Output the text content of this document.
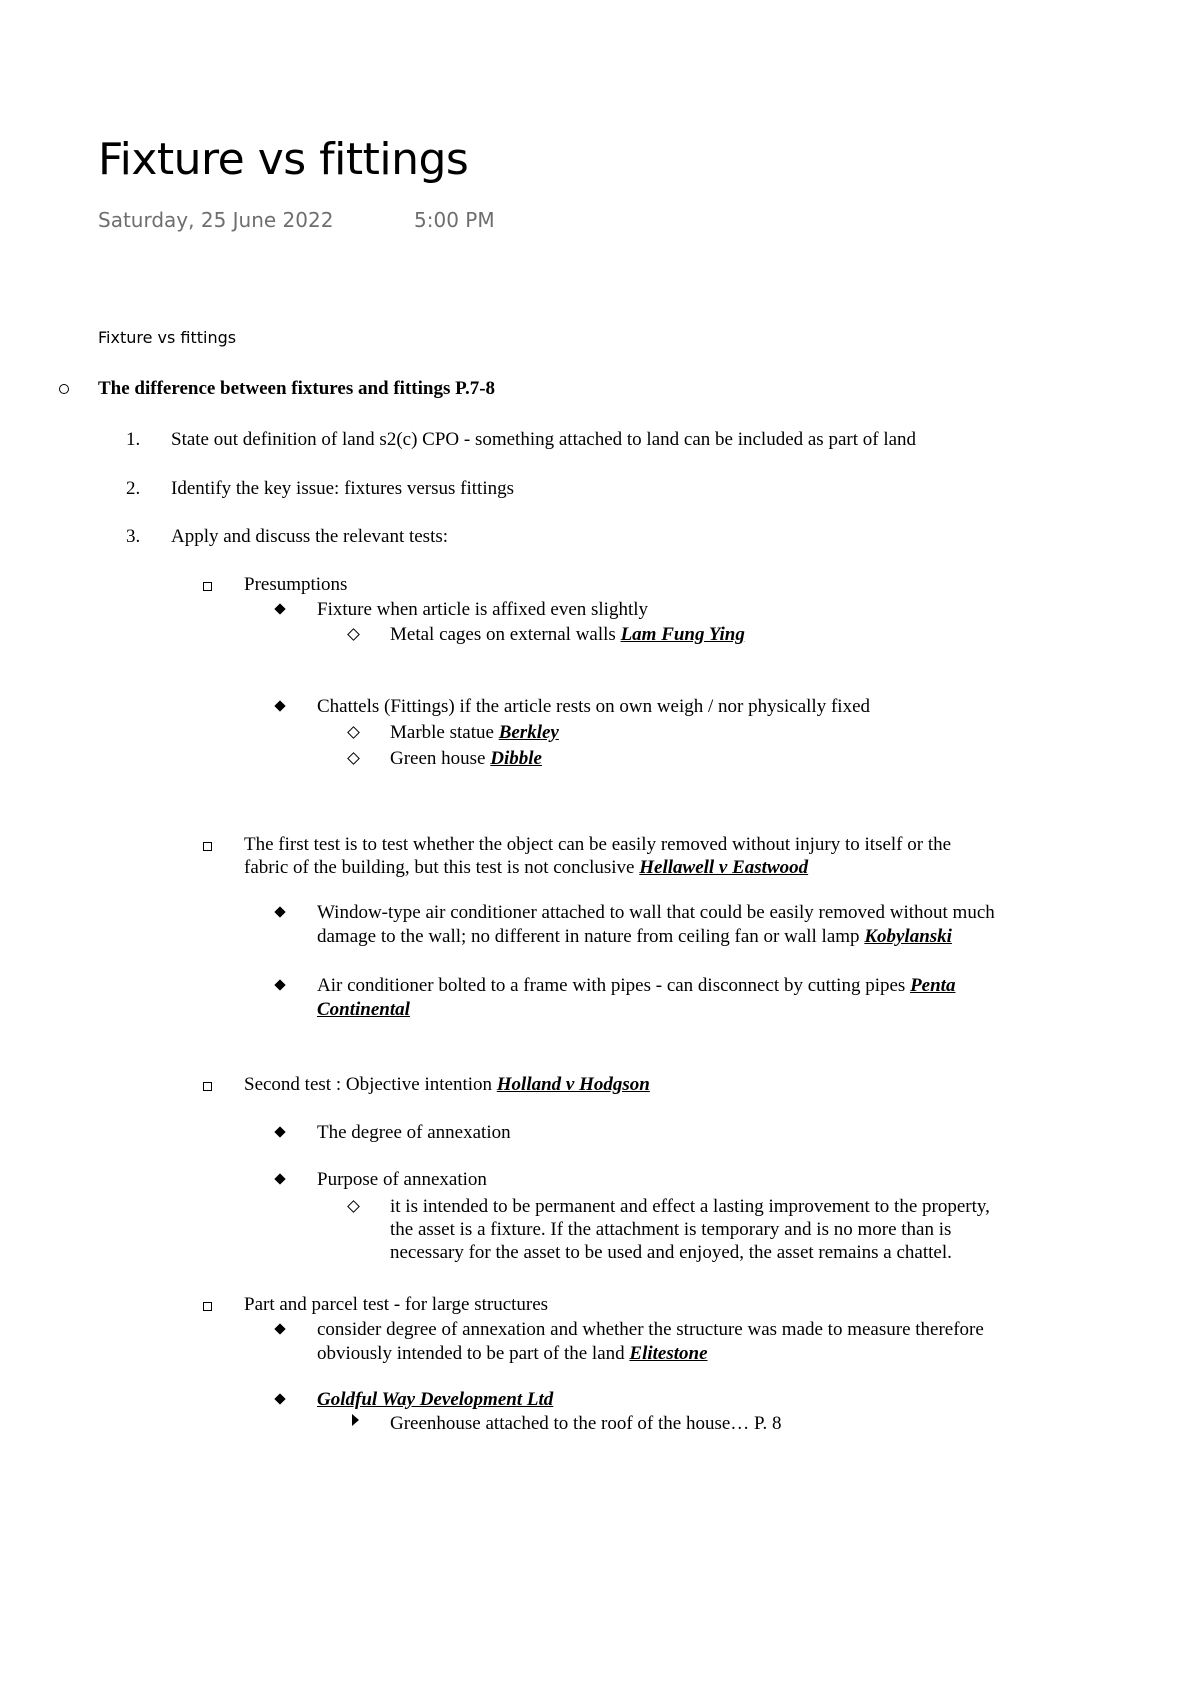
Fixture vs fittings
Saturday, 25 June 2022	5:00 PM
Fixture vs fittings
The difference between fixtures and fittings P.7-8
1. State out definition of land s2(c) CPO - something attached to land can be included as part of land
2. Identify the key issue: fixtures versus fittings
3. Apply and discuss the relevant tests:
Presumptions
Fixture when article is affixed even slightly
Metal cages on external walls Lam Fung Ying
Chattels (Fittings) if the article rests on own weigh / nor physically fixed
Marble statue Berkley
Green house Dibble
The first test is to test whether the object can be easily removed without injury to itself or the
fabric of the building, but this test is not conclusive Hellawell v Eastwood
Window-type air conditioner attached to wall that could be easily removed without much
damage to the wall; no different in nature from ceiling fan or wall lamp Kobylanski
Air conditioner bolted to a frame with pipes - can disconnect by cutting pipes Penta
Continental
Second test : Objective intention Holland v Hodgson
The degree of annexation
Purpose of annexation
it is intended to be permanent and effect a lasting improvement to the property,
the asset is a fixture. If the attachment is temporary and is no more than is
necessary for the asset to be used and enjoyed, the asset remains a chattel.
Part and parcel test - for large structures
consider degree of annexation and whether the structure was made to measure therefore
obviously intended to be part of the land Elitestone
Goldful Way Development Ltd
Greenhouse attached to the roof of the house… P. 8
